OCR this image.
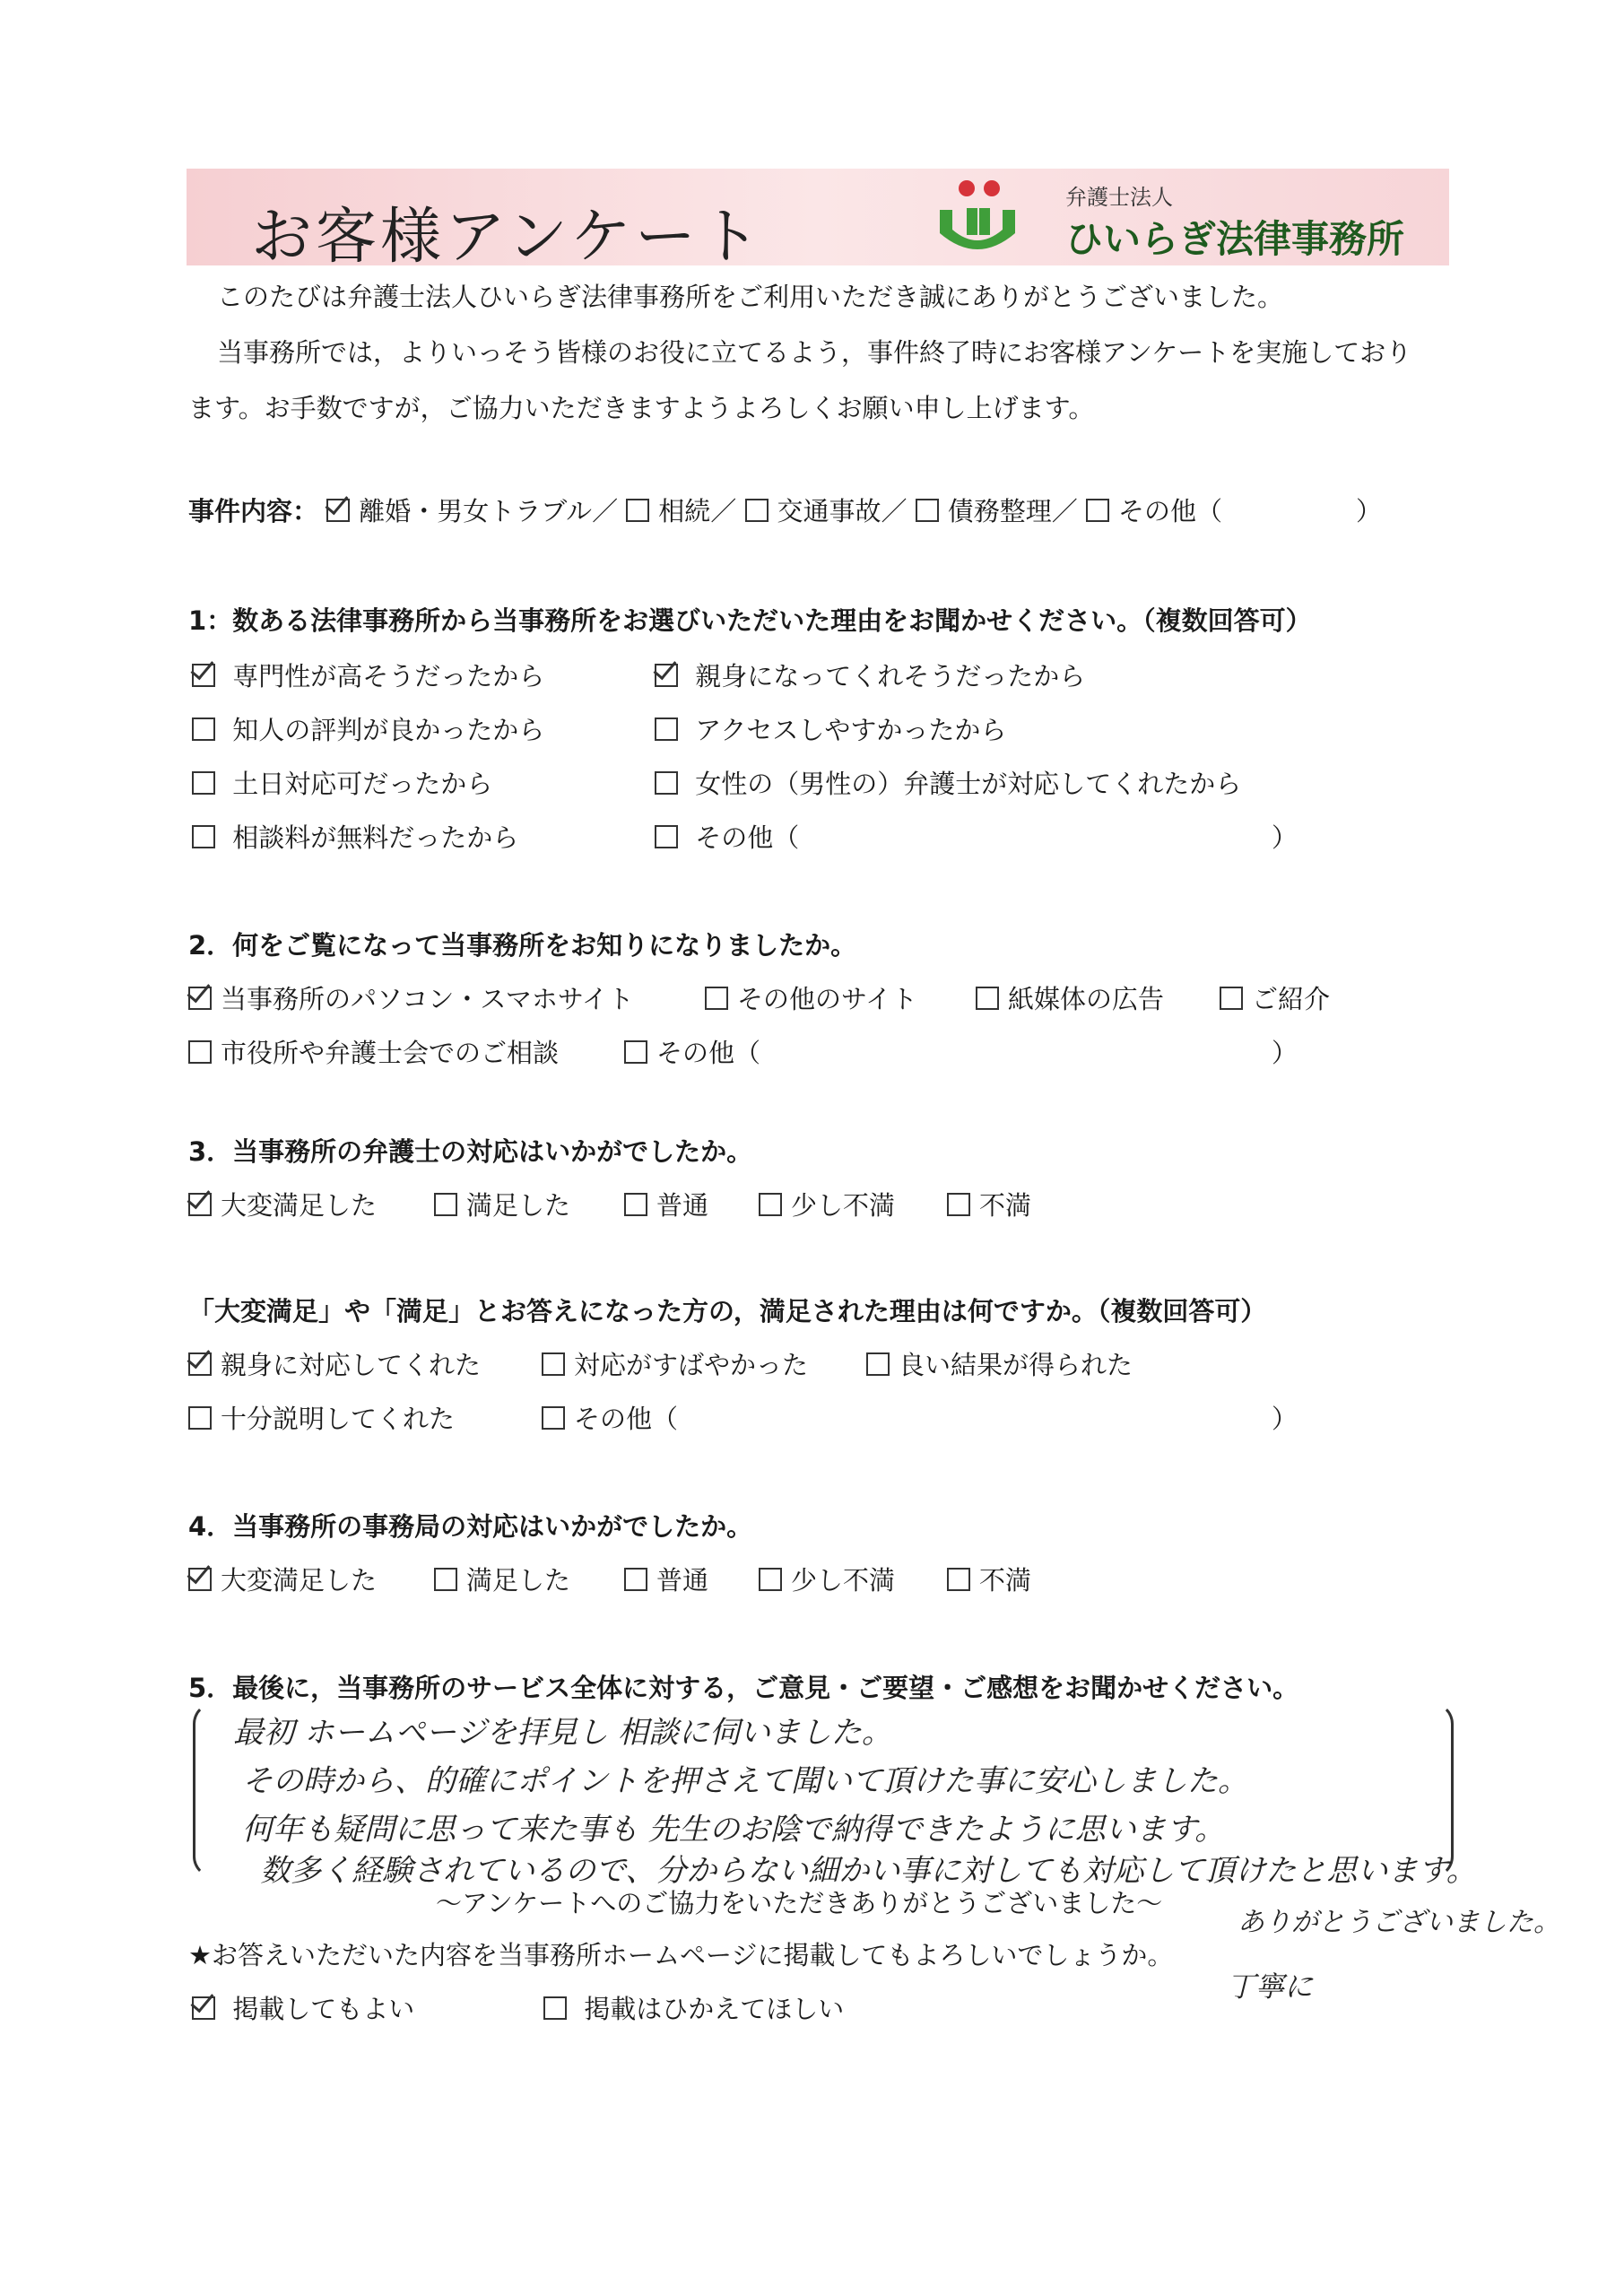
お客様アンケート
弁護士法人
ひいらぎ法律事務所
このたびは弁護士法人ひいらぎ法律事務所をご利用いただき誠にありがとうございました。
当事務所では，よりいっそう皆様のお役に立てるよう，事件終了時にお客様アンケートを実施しており
ます。お手数ですが，ご協力いただきますようよろしくお願い申し上げます。
事件内容： 離婚・男女トラブル／ 相続／ 交通事故／ 債務整理／ その他（	）
1：数ある法律事務所から当事務所をお選びいただいた理由をお聞かせください。（複数回答可）
専門性が高そうだったから	親身になってくれそうだったから
知人の評判が良かったから	アクセスしやすかったから
土日対応可だったから	女性の（男性の）弁護士が対応してくれたから
相談料が無料だったから	その他（	）
2．何をご覧になって当事務所をお知りになりましたか。
当事務所のパソコン・スマホサイト	その他のサイト	紙媒体の広告	ご紹介
市役所や弁護士会でのご相談	その他（	）
3．当事務所の弁護士の対応はいかがでしたか。
大変満足した	満足した	普通	少し不満	不満
「大変満足」や「満足」とお答えになった方の，満足された理由は何ですか。（複数回答可）
親身に対応してくれた	対応がすばやかった	良い結果が得られた
十分説明してくれた	その他（	）
4．当事務所の事務局の対応はいかがでしたか。
大変満足した	満足した	普通	少し不満	不満
5．最後に，当事務所のサービス全体に対する，ご意見・ご要望・ご感想をお聞かせください。
最初 ホームページを拝見し 相談に伺いました。
その時から、的確にポイントを押さえて聞いて頂けた事に安心しました。
何年も疑問に思って来た事も 先生のお陰で納得できたように思います。
数多く経験されているので、分からない細かい事に対しても対応して頂けたと思います。
ありがとうございました。
丁寧に
～アンケートへのご協力をいただきありがとうございました～
★お答えいただいた内容を当事務所ホームページに掲載してもよろしいでしょうか。
掲載してもよい	掲載はひかえてほしい
